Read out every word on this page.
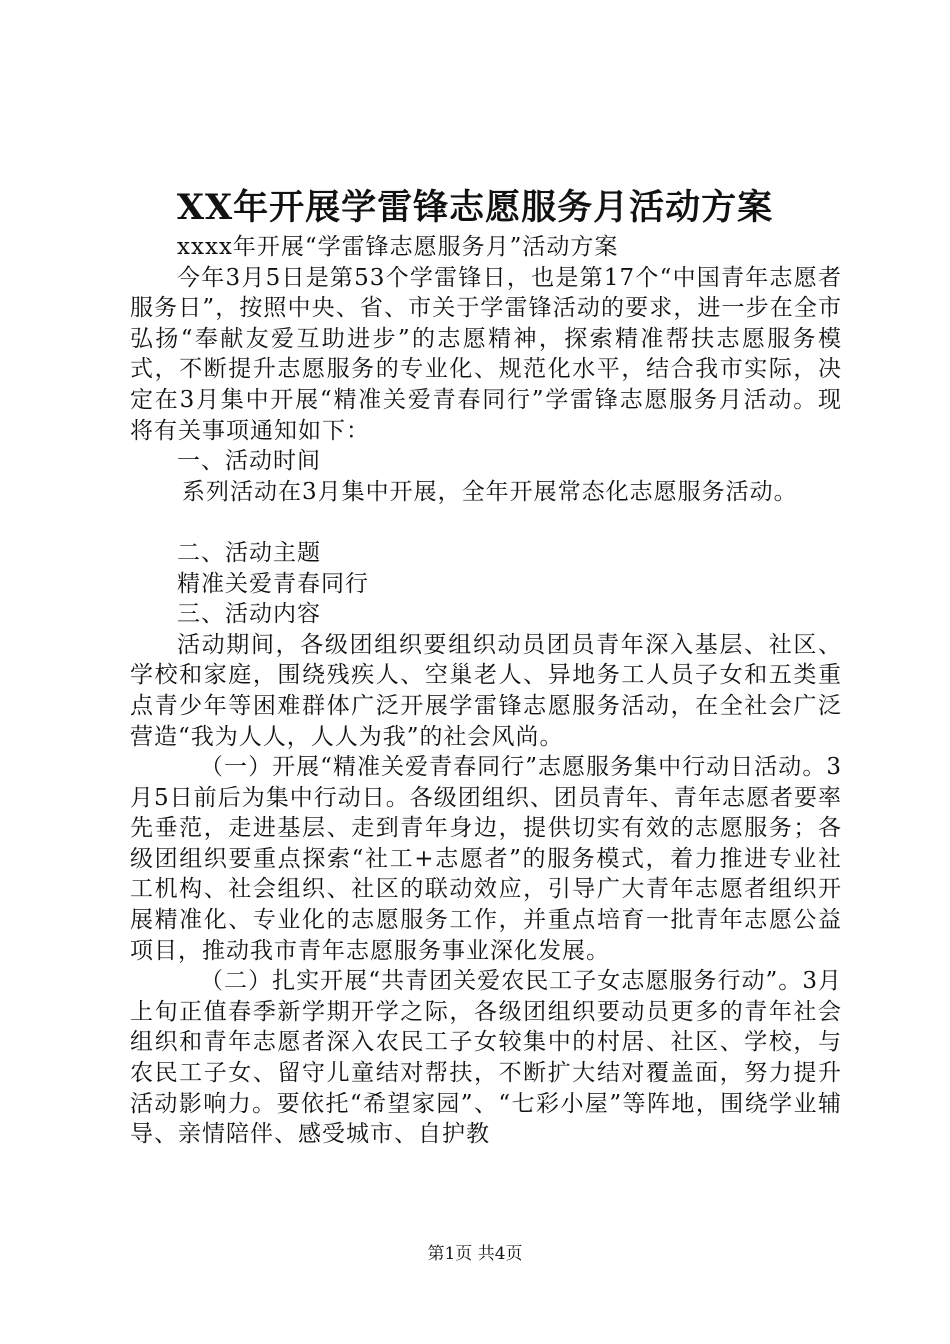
XX年开展学雷锋志愿服务月活动方案

xxxx年开展“学雷锋志愿服务月”活动方案

今年3月5日是第53个学雷锋日，也是第17个“中国青年志愿者服务日”，按照中央、省、市关于学雷锋活动的要求，进一步在全市弘扬“奉献友爱互助进步”的志愿精神，探索精准帮扶志愿服务模式，不断提升志愿服务的专业化、规范化水平，结合我市实际，决定在3月集中开展“精准关爱青春同行”学雷锋志愿服务月活动。现将有关事项通知如下：

一、活动时间

系列活动在3月集中开展，全年开展常态化志愿服务活动。

二、活动主题

精准关爱青春同行

三、活动内容

活动期间，各级团组织要组织动员团员青年深入基层、社区、学校和家庭，围绕残疾人、空巢老人、异地务工人员子女和五类重点青少年等困难群体广泛开展学雷锋志愿服务活动，在全社会广泛营造“我为人人，人人为我”的社会风尚。

（一）开展“精准关爱青春同行”志愿服务集中行动日活动。3月5日前后为集中行动日。各级团组织、团员青年、青年志愿者要率先垂范，走进基层、走到青年身边，提供切实有效的志愿服务；各级团组织要重点探索“社工+志愿者”的服务模式，着力推进专业社工机构、社会组织、社区的联动效应，引导广大青年志愿者组织开展精准化、专业化的志愿服务工作，并重点培育一批青年志愿公益项目，推动我市青年志愿服务事业深化发展。

（二）扎实开展“共青团关爱农民工子女志愿服务行动”。3月上旬正值春季新学期开学之际，各级团组织要动员更多的青年社会组织和青年志愿者深入农民工子女较集中的村居、社区、学校，与农民工子女、留守儿童结对帮扶，不断扩大结对覆盖面，努力提升活动影响力。要依托“希望家园”、“七彩小屋”等阵地，围绕学业辅导、亲情陪伴、感受城市、自护教

第1页 共4页
